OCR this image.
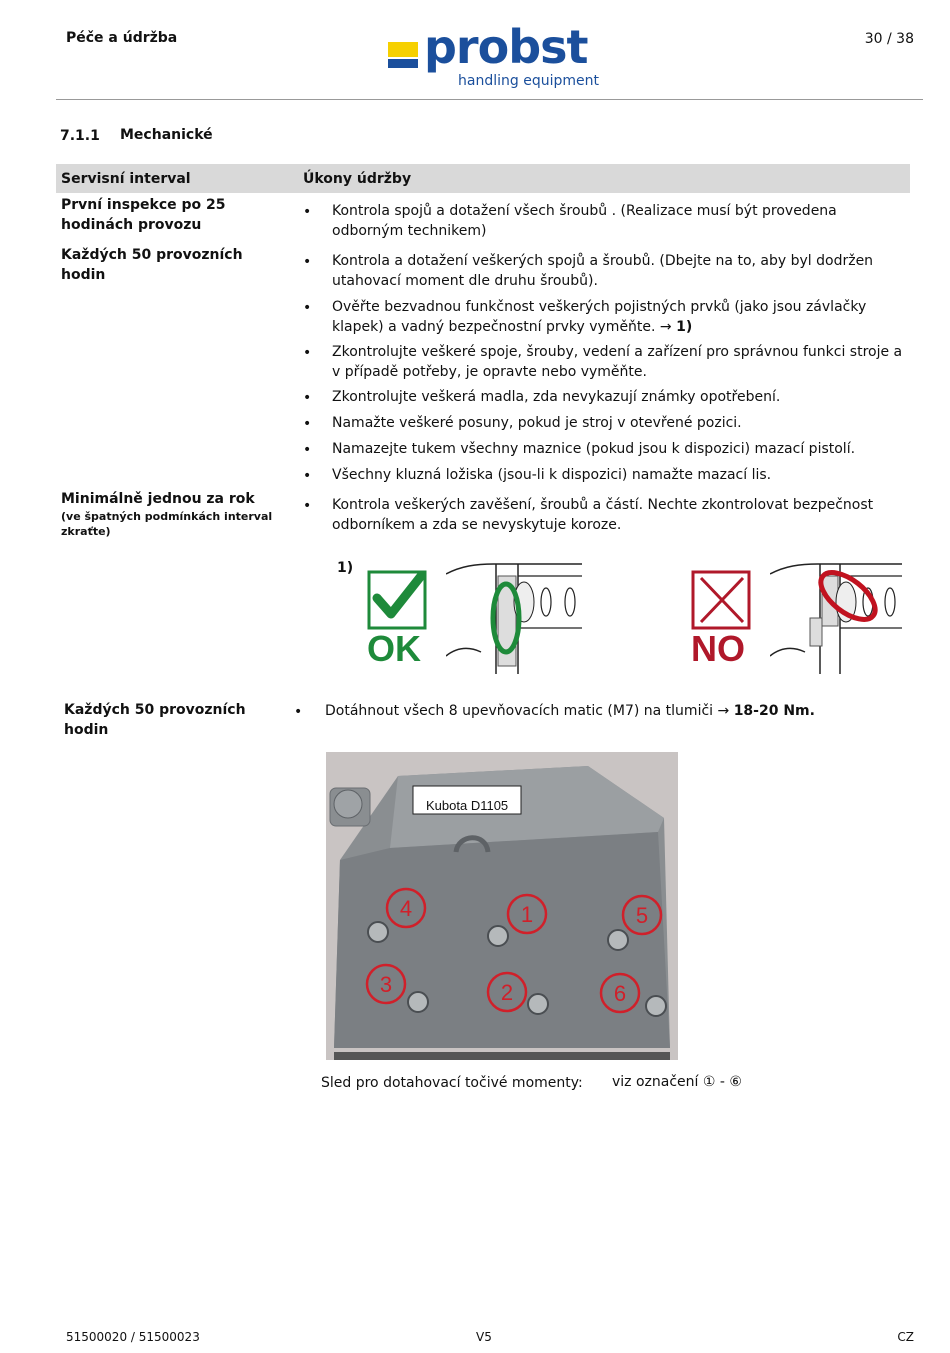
Péče a údržba	30 / 38
probst
handling equipment
7.1.1 Mechanické
Servisní interval	Úkony údržby
První inspekce po 25 hodinách provozu
• Kontrola spojů a dotažení všech šroubů . (Realizace musí být provedena odborným technikem)
Každých 50 provozních hodin
• Kontrola a dotažení veškerých spojů a šroubů. (Dbejte na to, aby byl dodržen utahovací moment dle druhu šroubů).
• Ověřte bezvadnou funkčnost veškerých pojistných prvků (jako jsou závlačky klapek) a vadný bezpečnostní prvky vyměňte. → 1)
• Zkontrolujte veškeré spoje, šrouby, vedení a zařízení pro správnou funkci stroje a v případě potřeby, je opravte nebo vyměňte.
• Zkontrolujte veškerá madla, zda nevykazují známky opotřebení.
• Namažte veškeré posuny, pokud je stroj v otevřené pozici.
• Namazejte tukem všechny maznice (pokud jsou k dispozici) mazací pistolí.
• Všechny kluzná ložiska (jsou-li k dispozici) namažte mazací lis.
Minimálně jednou za rok
(ve špatných podmínkách interval zkraťte)
• Kontrola veškerých zavěšení, šroubů a částí. Nechte zkontrolovat bezpečnost odborníkem a zda se nevyskytuje koroze.
1)
OK	NO
Každých 50 provozních hodin
• Dotáhnout všech 8 upevňovacích matic (M7) na tlumiči → 18-20 Nm.
Kubota D1105
4	1	5
3	2	6
Sled pro dotahovací točivé momenty: viz označení ① - ⑥
51500020 / 51500023	V5	CZ
